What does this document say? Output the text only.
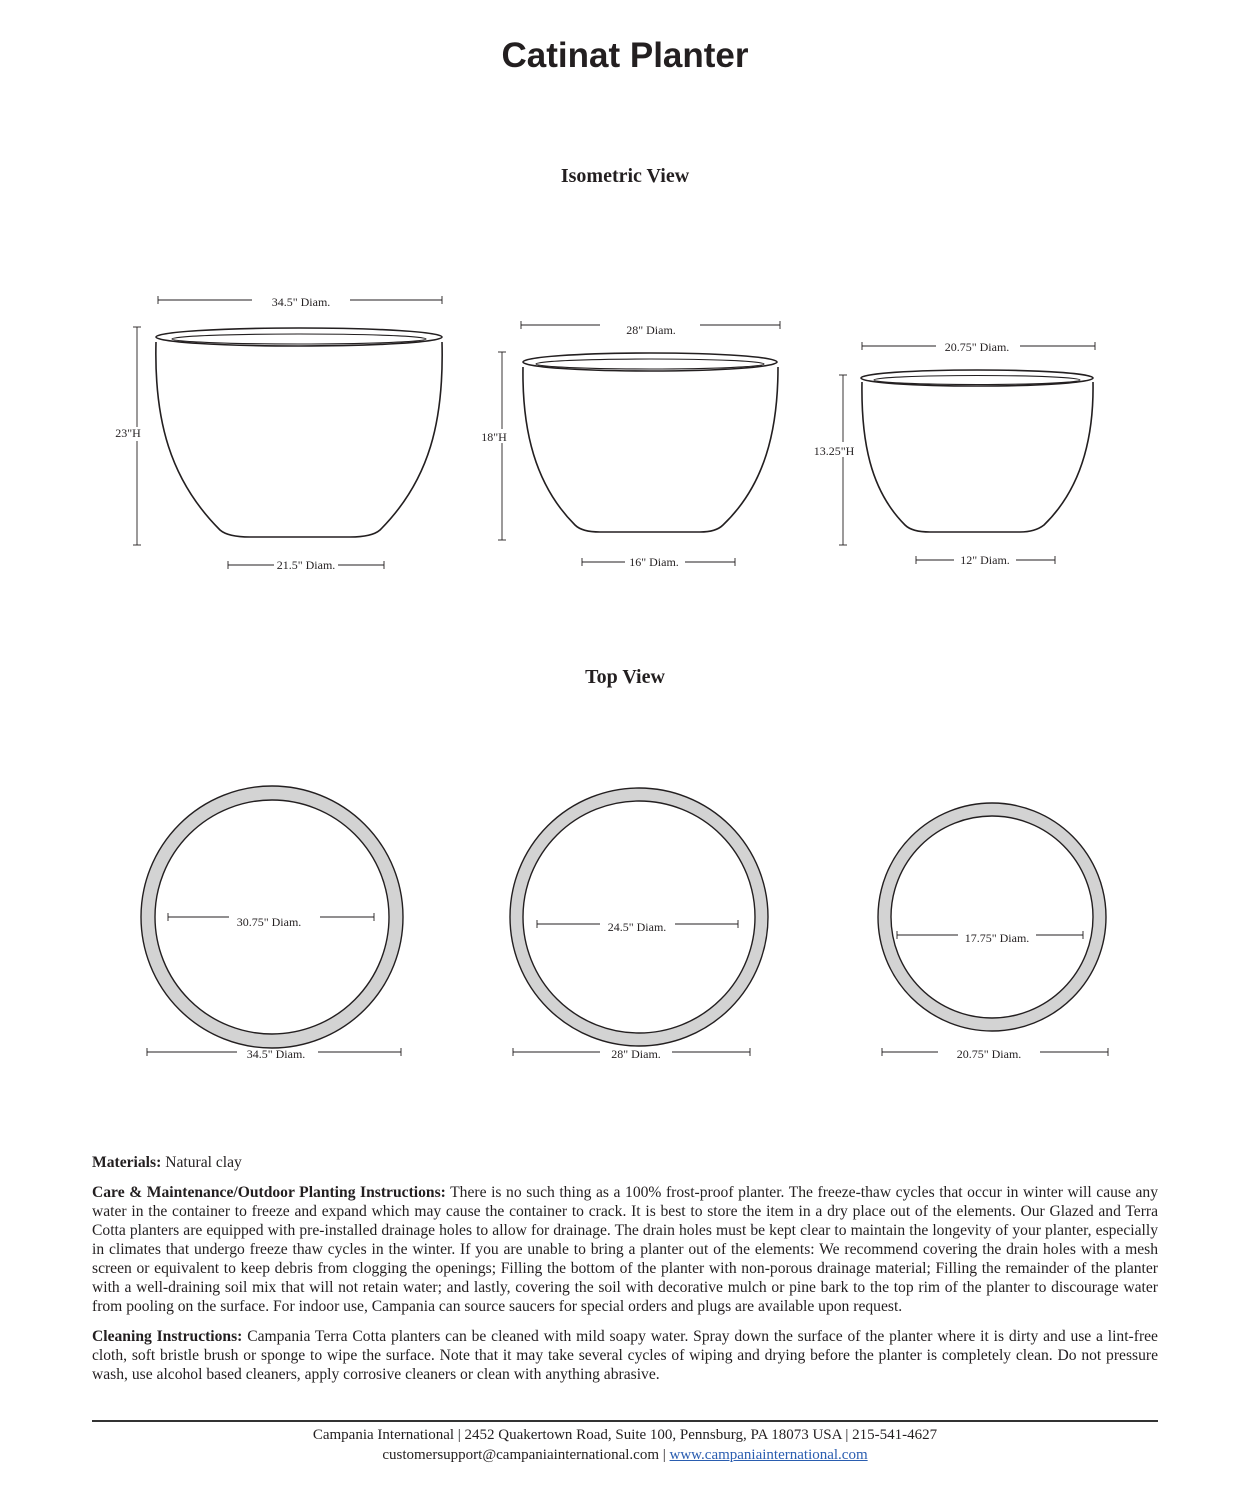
Catinat Planter
Isometric View
Top View
34.5" Diam.
23"H
21.5" Diam.
28" Diam.
18"H
16" Diam.
20.75" Diam.
13.25"H
12" Diam.
30.75" Diam.
34.5" Diam.
24.5" Diam.
28" Diam.
17.75" Diam.
20.75" Diam.

Materials: Natural clay

Care & Maintenance/Outdoor Planting Instructions: There is no such thing as a 100% frost-proof planter. The freeze-thaw cycles that occur in winter will cause any water in the container to freeze and expand which may cause the container to crack. It is best to store the item in a dry place out of the elements. Our Glazed and Terra Cotta planters are equipped with pre-installed drainage holes to allow for drainage. The drain holes must be kept clear to maintain the longevity of your planter, especially in climates that undergo freeze thaw cycles in the winter. If you are unable to bring a planter out of the elements: We recommend covering the drain holes with a mesh screen or equivalent to keep debris from clogging the openings; Filling the bottom of the planter with non-porous drainage material; Filling the remainder of the planter with a well-draining soil mix that will not retain water; and lastly, covering the soil with decorative mulch or pine bark to the top rim of the planter to discourage water from pooling on the surface. For indoor use, Campania can source saucers for special orders and plugs are available upon request.

Cleaning Instructions: Campania Terra Cotta planters can be cleaned with mild soapy water. Spray down the surface of the planter where it is dirty and use a lint-free cloth, soft bristle brush or sponge to wipe the surface. Note that it may take several cycles of wiping and drying before the planter is completely clean. Do not pressure wash, use alcohol based cleaners, apply corrosive cleaners or clean with anything abrasive.

Campania International | 2452 Quakertown Road, Suite 100, Pennsburg, PA 18073 USA | 215-541-4627
customersupport@campaniainternational.com | www.campaniainternational.com
